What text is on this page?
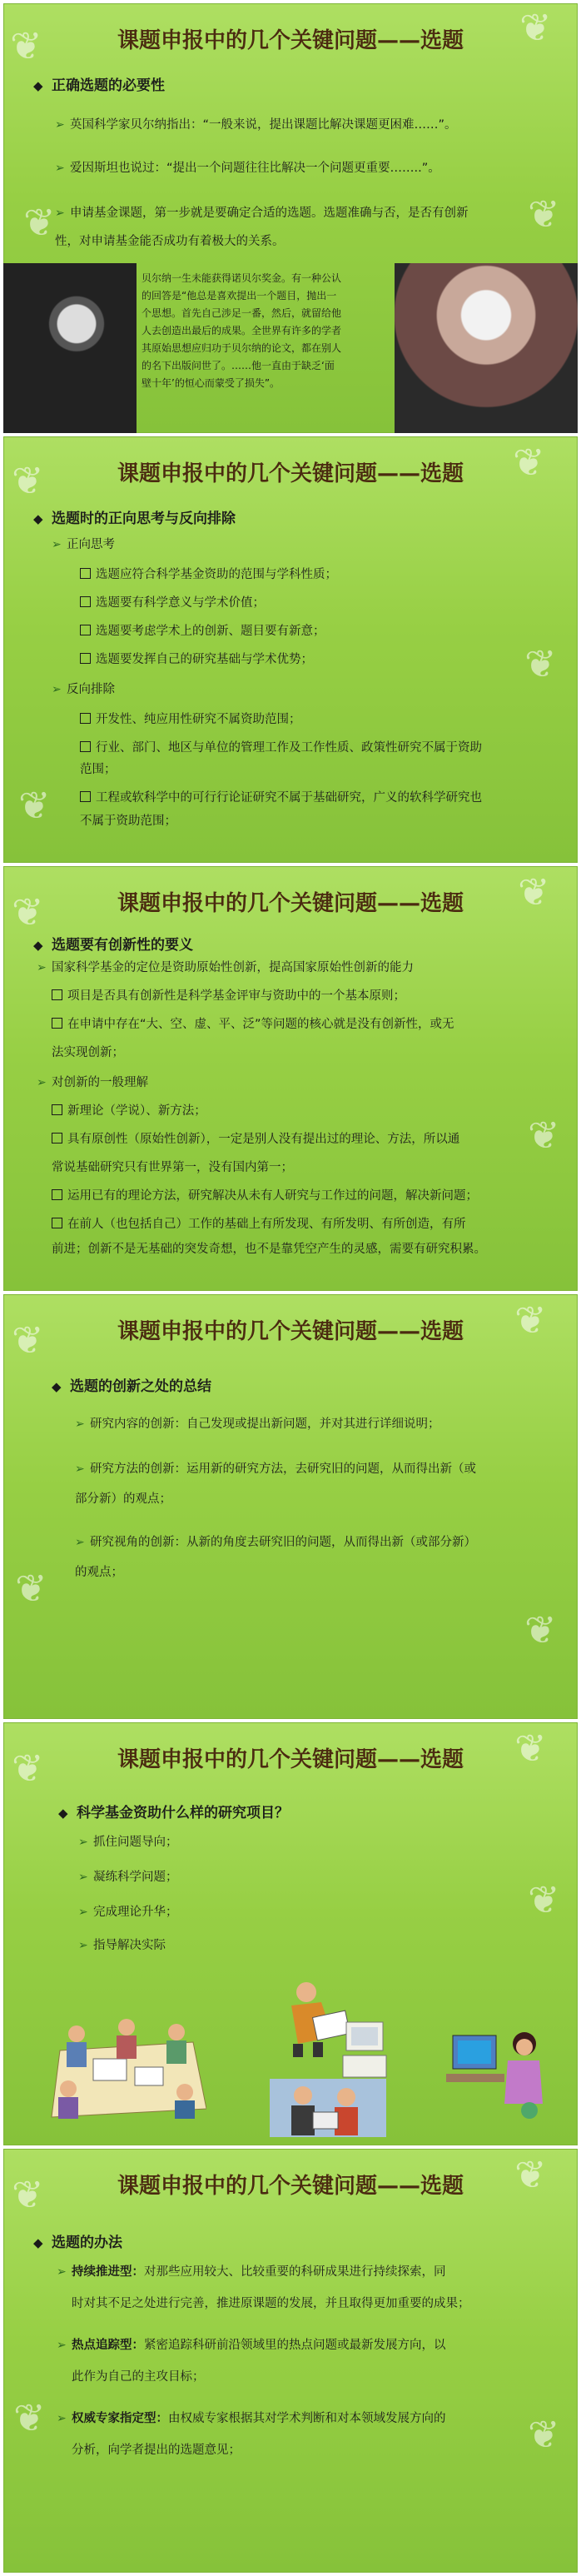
❦	❦
❦
❦
课题申报中的几个关键问题——选题
◆ 正确选题的必要性
➢ 英国科学家贝尔纳指出：“一般来说，提出课题比解决课题更困难……”。
➢ 爱因斯坦也说过：“提出一个问题往往比解决一个问题更重要……..”。
➢ 申请基金课题，第一步就是要确定合适的选题。选题准确与否，是否有创新
性，对申请基金能否成功有着极大的关系。
贝尔纳一生未能获得诺贝尔奖金。有一种公认
的回答是“他总是喜欢提出一个题目，抛出一
个思想。首先自己涉足一番，然后，就留给他
人去创造出最后的成果。全世界有许多的学者
其原始思想应归功于贝尔纳的论文，都在别人
的名下出版问世了。……他一直由于缺乏‘面
壁十年’的恒心而蒙受了损失”。
❦	❦
❦
❦
课题申报中的几个关键问题——选题
◆ 选题时的正向思考与反向排除
➢ 正向思考
选题应符合科学基金资助的范围与学科性质；
选题要有科学意义与学术价值；
选题要考虑学术上的创新、题目要有新意；
选题要发挥自己的研究基础与学术优势；
➢ 反向排除
开发性、纯应用性研究不属资助范围；
行业、部门、地区与单位的管理工作及工作性质、政策性研究不属于资助
范围；
工程或软科学中的可行行论证研究不属于基础研究，广义的软科学研究也
不属于资助范围；
❦	❦
❦
课题申报中的几个关键问题——选题
◆ 选题要有创新性的要义
➢ 国家科学基金的定位是资助原始性创新，提高国家原始性创新的能力
项目是否具有创新性是科学基金评审与资助中的一个基本原则；
在申请中存在“大、空、虚、平、泛”等问题的核心就是没有创新性，或无
法实现创新；
➢ 对创新的一般理解
新理论（学说）、新方法；
具有原创性（原始性创新），一定是别人没有提出过的理论、方法，所以通
常说基础研究只有世界第一，没有国内第一；
运用已有的理论方法，研究解决从未有人研究与工作过的问题，解决新问题；
在前人（也包括自己）工作的基础上有所发现、有所发明、有所创造，有所
前进；创新不是无基础的突发奇想，也不是靠凭空产生的灵感，需要有研究积累。
❦	❦
❦
❦
课题申报中的几个关键问题——选题
◆ 选题的创新之处的总结
➢ 研究内容的创新：自己发现或提出新问题，并对其进行详细说明；
➢ 研究方法的创新：运用新的研究方法，去研究旧的问题，从而得出新（或
部分新）的观点；
➢ 研究视角的创新：从新的角度去研究旧的问题，从而得出新（或部分新）
的观点；
❦	❦
❦
课题申报中的几个关键问题——选题
◆ 科学基金资助什么样的研究项目？
➢ 抓住问题导向；
➢ 凝练科学问题；
➢ 完成理论升华；
➢ 指导解决实际
❦	❦
❦
❦
课题申报中的几个关键问题——选题
◆ 选题的办法
➢ 持续推进型：对那些应用较大、比较重要的科研成果进行持续探索，同
时对其不足之处进行完善，推进原课题的发展，并且取得更加重要的成果；
➢ 热点追踪型：紧密追踪科研前沿领域里的热点问题或最新发展方向，以
此作为自己的主攻目标；
➢ 权威专家指定型：由权威专家根据其对学术判断和对本领域发展方向的
分析，向学者提出的选题意见；
